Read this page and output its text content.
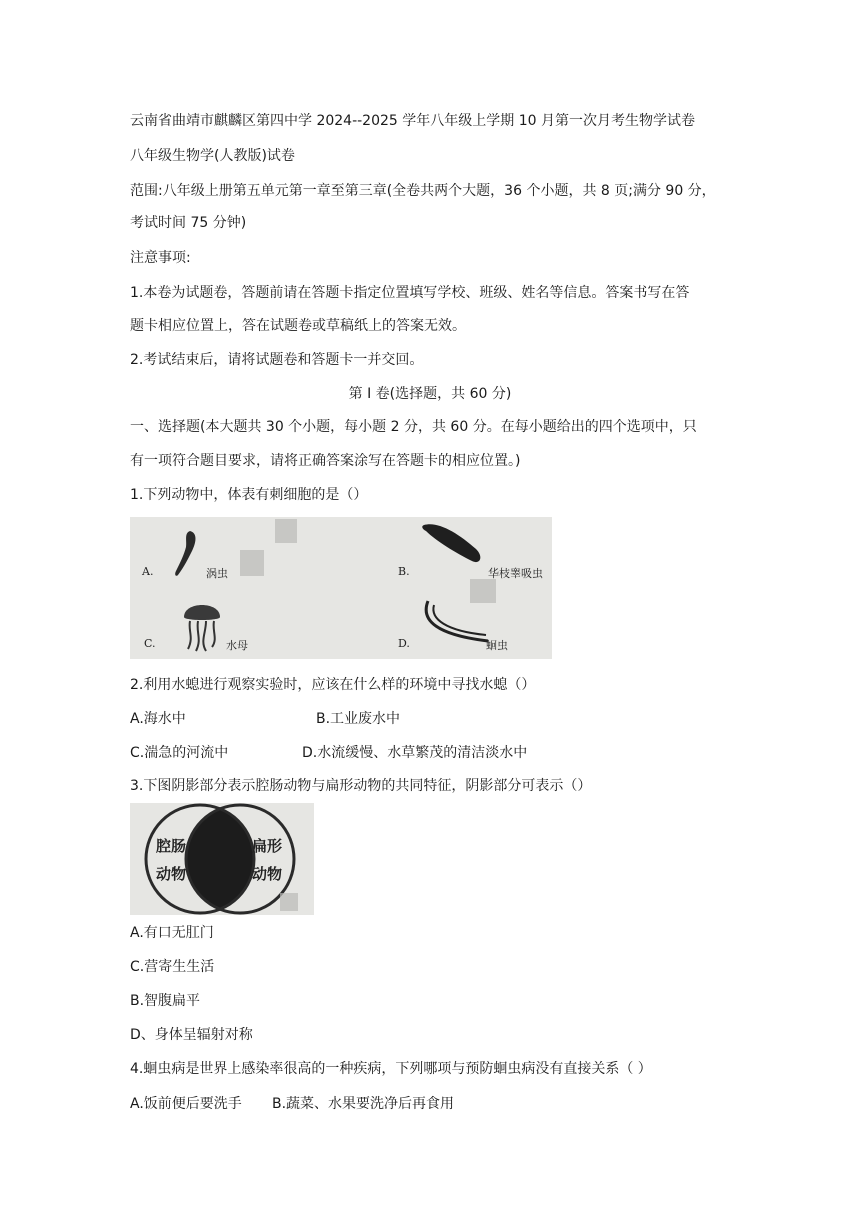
云南省曲靖市麒麟区第四中学 2024--2025 学年八年级上学期 10 月第一次月考生物学试卷
八年级生物学(人教版)试卷
范围:八年级上册第五单元第一章至第三章(全卷共两个大题，36 个小题，共 8 页;满分 90 分，
考试时间 75 分钟)
注意事项:
1.本卷为试题卷，答题前请在答题卡指定位置填写学校、班级、姓名等信息。答案书写在答
题卡相应位置上，答在试题卷或草稿纸上的答案无效。
2.考试结束后，请将试题卷和答题卡一并交回。
第 I 卷(选择题，共 60 分)
一、选择题(本大题共 30 个小题，每小题 2 分，共 60 分。在每小题给出的四个选项中，只
有一项符合题目要求，请将正确答案涂写在答题卡的相应位置。)
1.下列动物中，体表有刺细胞的是（）
A.	涡虫	B.	华枝睾吸虫
C.	水母	D.	蛔虫
2.利用水螅进行观察实验时，应该在什么样的环境中寻找水螅（）
A.海水中	B.工业废水中
C.湍急的河流中	D.水流缓慢、水草繁茂的清洁淡水中
3.下图阴影部分表示腔肠动物与扁形动物的共同特征，阴影部分可表示（）
腔肠
动物
扁形
动物
A.有口无肛门
C.营寄生生活
B.智腹扁平
D、身体呈辐射对称
4.蛔虫病是世界上感染率很高的一种疾病，下列哪项与预防蛔虫病没有直接关系（ ）
A.饭前便后要洗手 B.蔬菜、水果要洗净后再食用
